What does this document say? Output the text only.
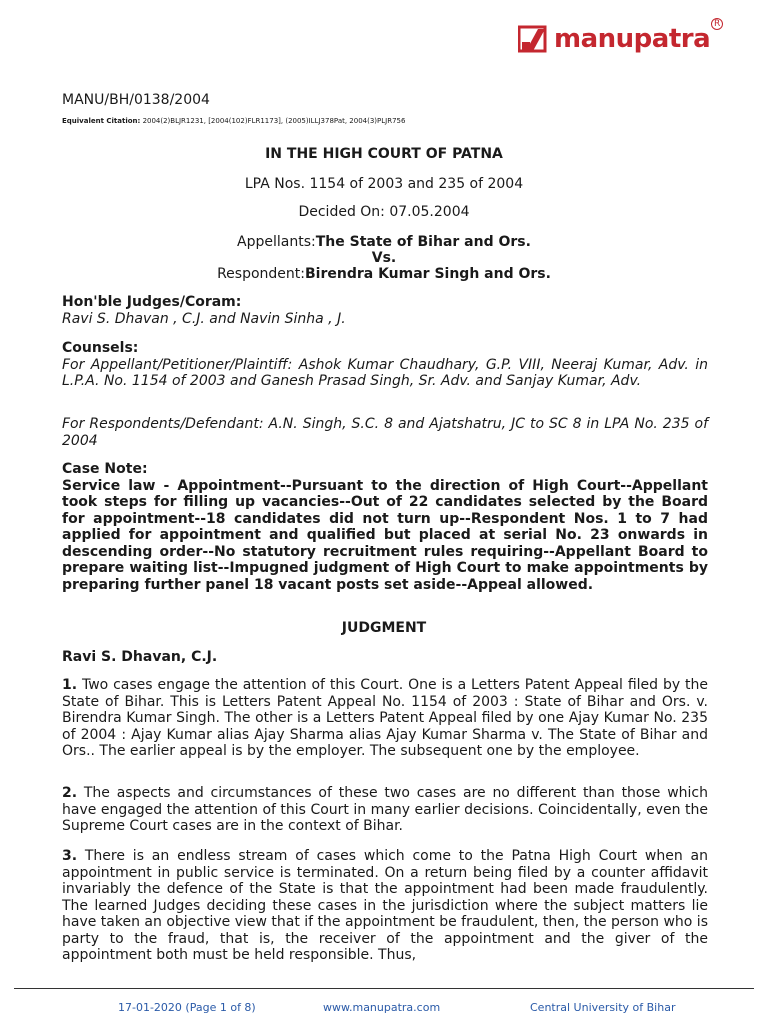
manupatra R
MANU/BH/0138/2004
Equivalent Citation: 2004(2)BLJR1231, [2004(102)FLR1173], (2005)ILLJ378Pat, 2004(3)PLJR756
IN THE HIGH COURT OF PATNA
LPA Nos. 1154 of 2003 and 235 of 2004
Decided On: 07.05.2004
Appellants:The State of Bihar and Ors.
Vs.
Respondent:Birendra Kumar Singh and Ors.
Hon'ble Judges/Coram:
Ravi S. Dhavan , C.J. and Navin Sinha , J.
Counsels:
For Appellant/Petitioner/Plaintiff: Ashok Kumar Chaudhary, G.P. VIII, Neeraj Kumar, Adv. in L.P.A. No. 1154 of 2003 and Ganesh Prasad Singh, Sr. Adv. and Sanjay Kumar, Adv.
For Respondents/Defendant: A.N. Singh, S.C. 8 and Ajatshatru, JC to SC 8 in LPA No. 235 of 2004
Case Note:
Service law - Appointment--Pursuant to the direction of High Court--Appellant took steps for filling up vacancies--Out of 22 candidates selected by the Board for appointment--18 candidates did not turn up--Respondent Nos. 1 to 7 had applied for appointment and qualified but placed at serial No. 23 onwards in descending order--No statutory recruitment rules requiring--Appellant Board to prepare waiting list--Impugned judgment of High Court to make appointments by preparing further panel 18 vacant posts set aside--Appeal allowed.
JUDGMENT
Ravi S. Dhavan, C.J.
1. Two cases engage the attention of this Court. One is a Letters Patent Appeal filed by the State of Bihar. This is Letters Patent Appeal No. 1154 of 2003 : State of Bihar and Ors. v. Birendra Kumar Singh. The other is a Letters Patent Appeal filed by one Ajay Kumar No. 235 of 2004 : Ajay Kumar alias Ajay Sharma alias Ajay Kumar Sharma v. The State of Bihar and Ors.. The earlier appeal is by the employer. The subsequent one by the employee.
2. The aspects and circumstances of these two cases are no different than those which have engaged the attention of this Court in many earlier decisions. Coincidentally, even the Supreme Court cases are in the context of Bihar.
3. There is an endless stream of cases which come to the Patna High Court when an appointment in public service is terminated. On a return being filed by a counter affidavit invariably the defence of the State is that the appointment had been made fraudulently. The learned Judges deciding these cases in the jurisdiction where the subject matters lie have taken an objective view that if the appointment be fraudulent, then, the person who is party to the fraud, that is, the receiver of the appointment and the giver of the appointment both must be held responsible. Thus,
17-01-2020 (Page 1 of 8)	www.manupatra.com	Central University of Bihar
